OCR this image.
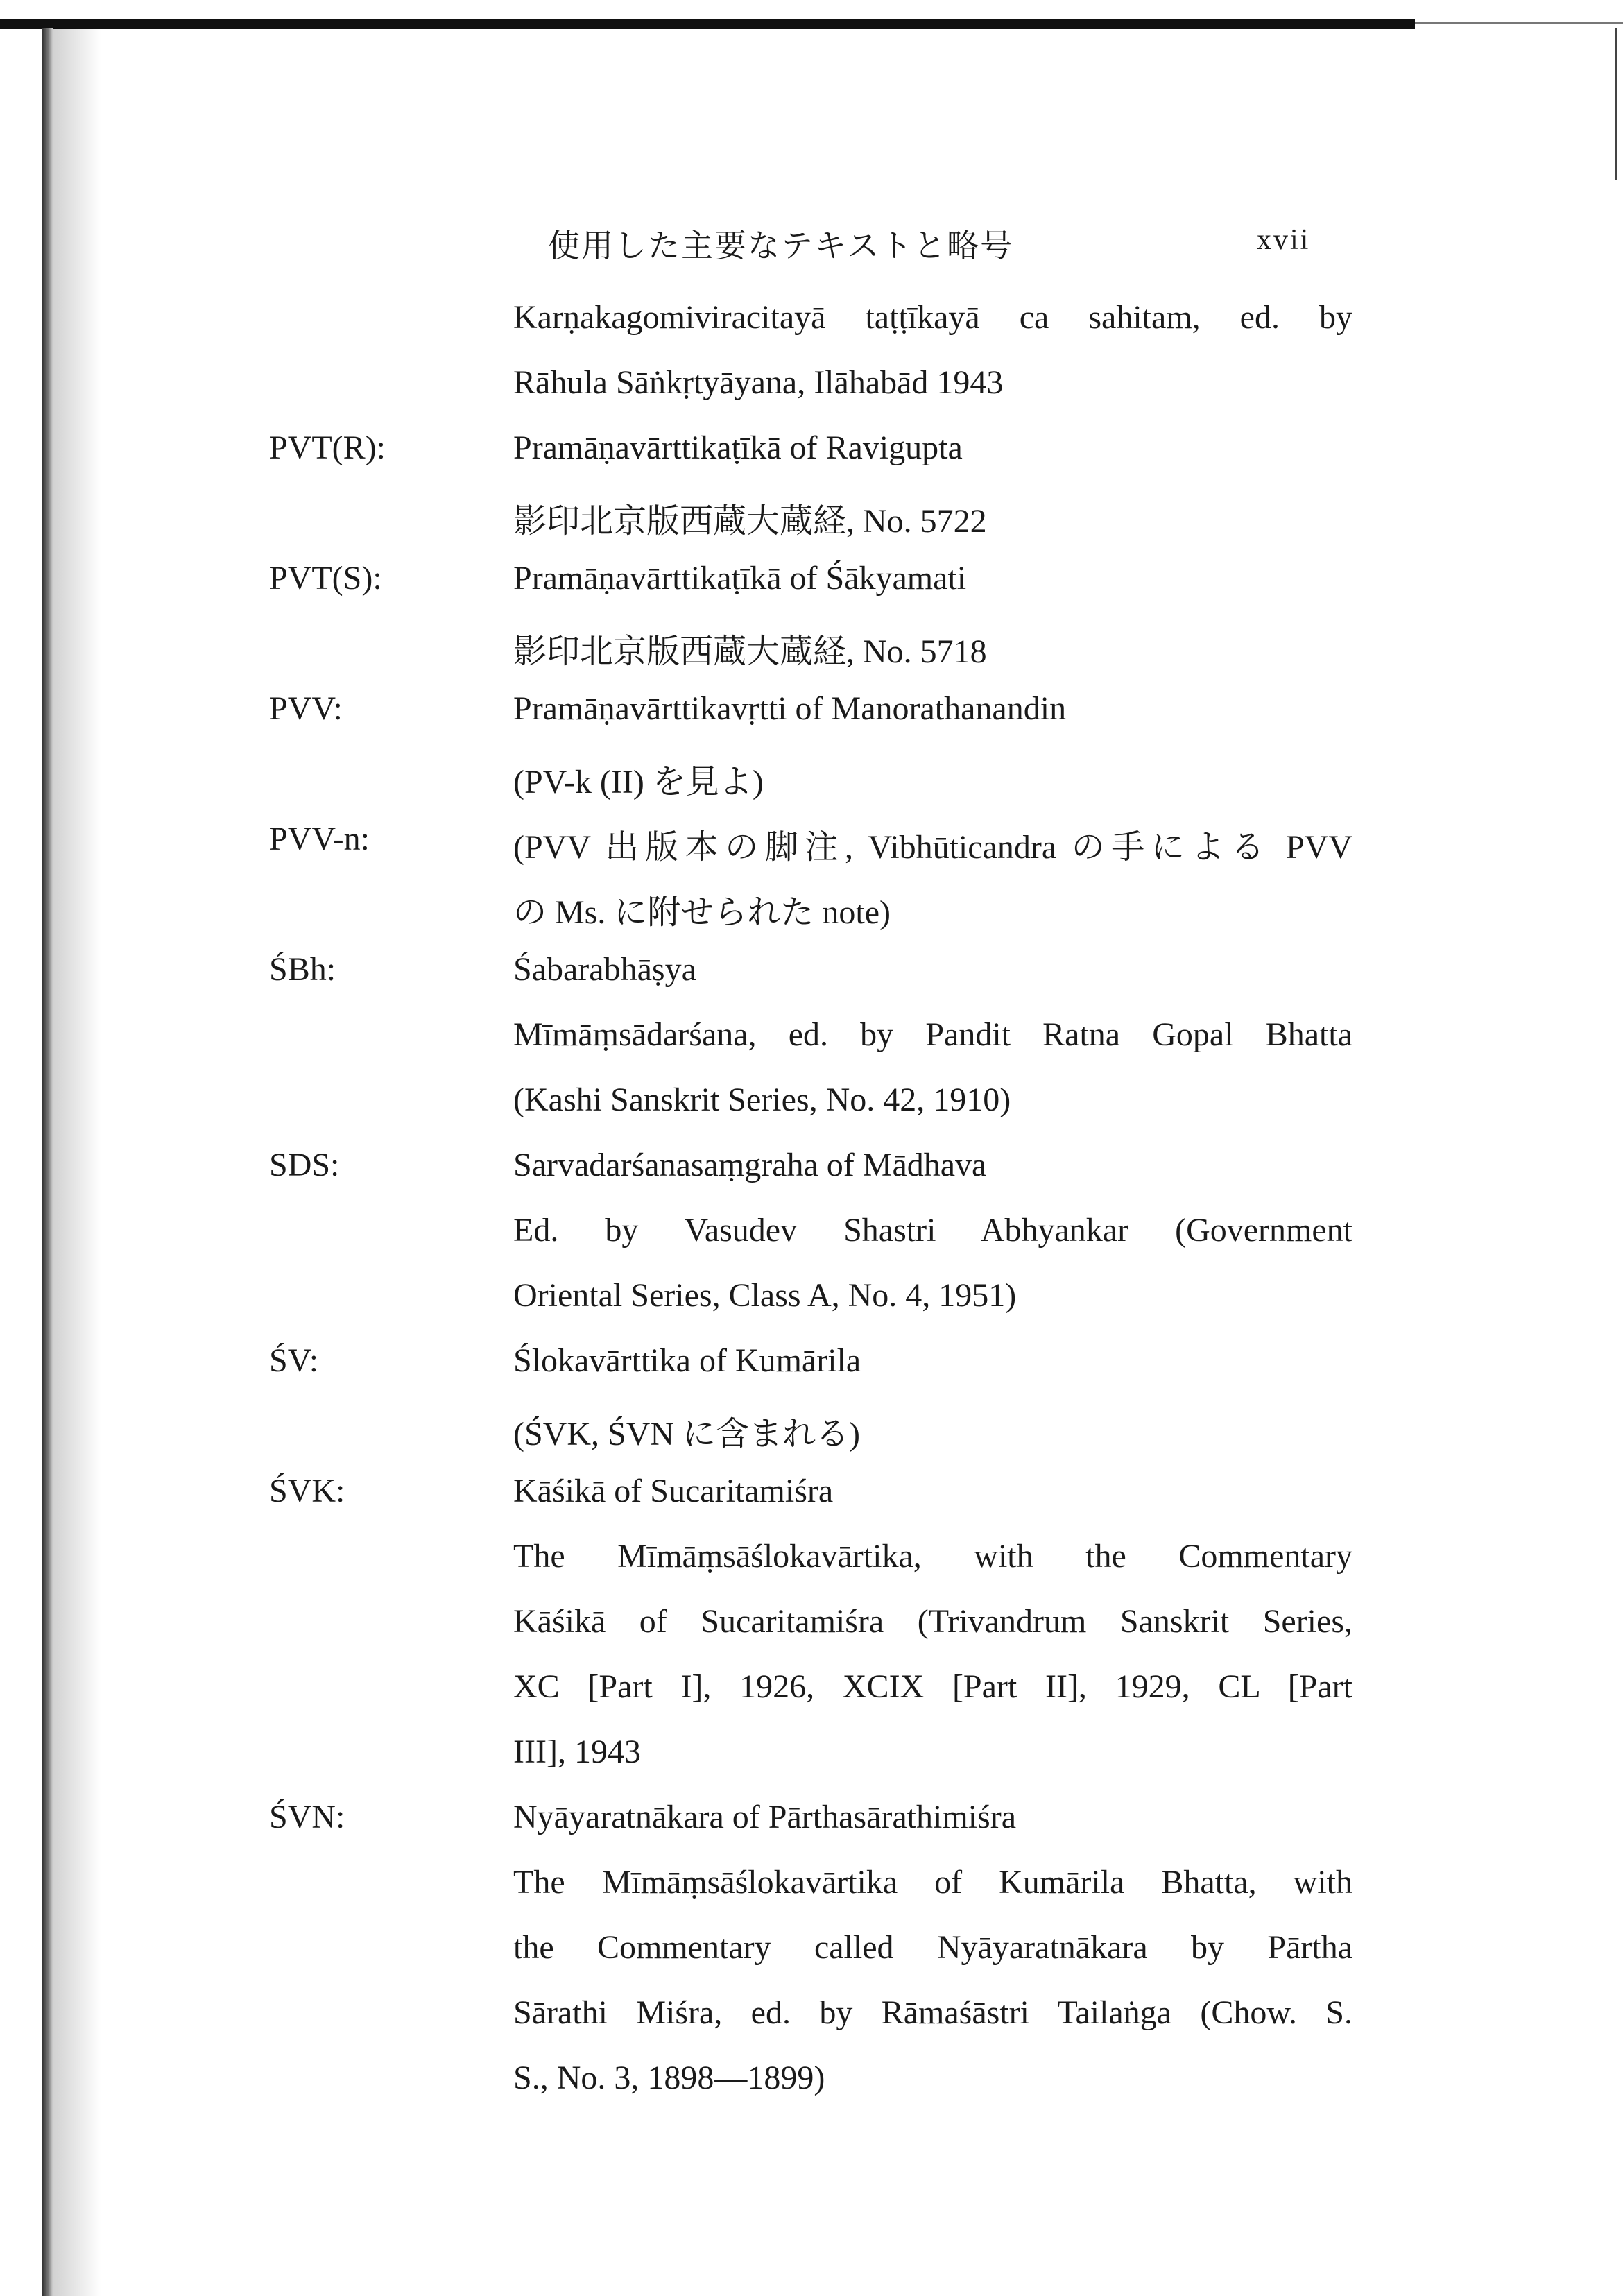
使用した主要なテキストと略号	xvii
Karṇakagomiviracitayā taṭṭīkayā ca sahitam, ed. by
Rāhula Sāṅkṛtyāyana, Ilāhabād 1943
PVT(R):	Pramāṇavārttikaṭīkā of Ravigupta
影印北京版西蔵大蔵経, No. 5722
PVT(S):	Pramāṇavārttikaṭīkā of Śākyamati
影印北京版西蔵大蔵経, No. 5718
PVV:	Pramāṇavārttikavṛtti of Manorathanandin
(PV-k (II) を見よ)
PVV-n:	(PVV 出版本の脚注, Vibhūticandra の手による PVV
の Ms. に附せられた note)
ŚBh:	Śabarabhāṣya
Mīmāṃsādarśana, ed. by Pandit Ratna Gopal Bhatta
(Kashi Sanskrit Series, No. 42, 1910)
SDS:	Sarvadarśanasaṃgraha of Mādhava
Ed. by Vasudev Shastri Abhyankar (Government
Oriental Series, Class A, No. 4, 1951)
ŚV:	Ślokavārttika of Kumārila
(ŚVK, ŚVN に含まれる)
ŚVK:	Kāśikā of Sucaritamiśra
The Mīmāṃsāślokavārtika, with the Commentary
Kāśikā of Sucaritamiśra (Trivandrum Sanskrit Series,
XC [Part I], 1926, XCIX [Part II], 1929, CL [Part
III], 1943
ŚVN:	Nyāyaratnākara of Pārthasārathimiśra
The Mīmāṃsāślokavārtika of Kumārila Bhatta, with
the Commentary called Nyāyaratnākara by Pārtha
Sārathi Miśra, ed. by Rāmaśāstri Tailaṅga (Chow. S.
S., No. 3, 1898—1899)
